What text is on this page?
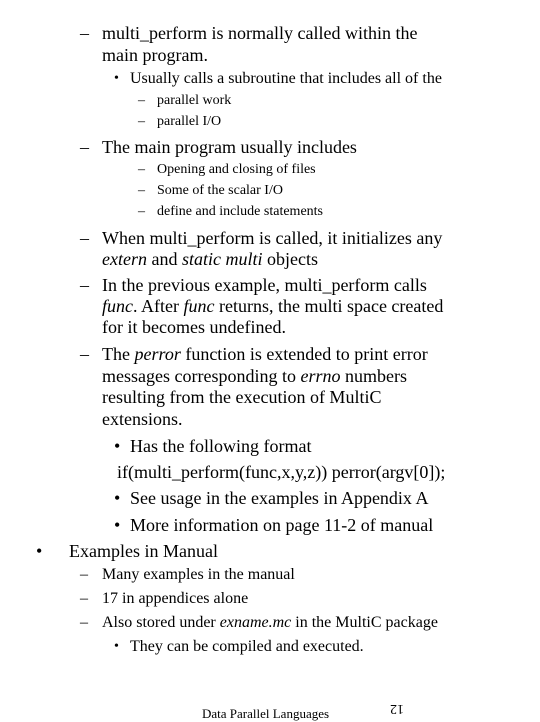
– multi_perform is normally called within the
main program.
• Usually calls a subroutine that includes all of the
– parallel work
– parallel I/O
– The main program usually includes
– Opening and closing of files
– Some of the scalar I/O
– define and include statements
– When multi_perform is called, it initializes any
extern and static multi objects
– In the previous example, multi_perform calls
func. After func returns, the multi space created
for it becomes undefined.
– The perror function is extended to print error
messages corresponding to errno numbers
resulting from the execution of MultiC
extensions.
• Has the following format
if(multi_perform(func,x,y,z)) perror(argv[0]);
• See usage in the examples in Appendix A
• More information on page 11-2 of manual
• Examples in Manual
– Many examples in the manual
– 17 in appendices alone
– Also stored under exname.mc in the MultiC package
• They can be compiled and executed.
Data Parallel Languages	12
